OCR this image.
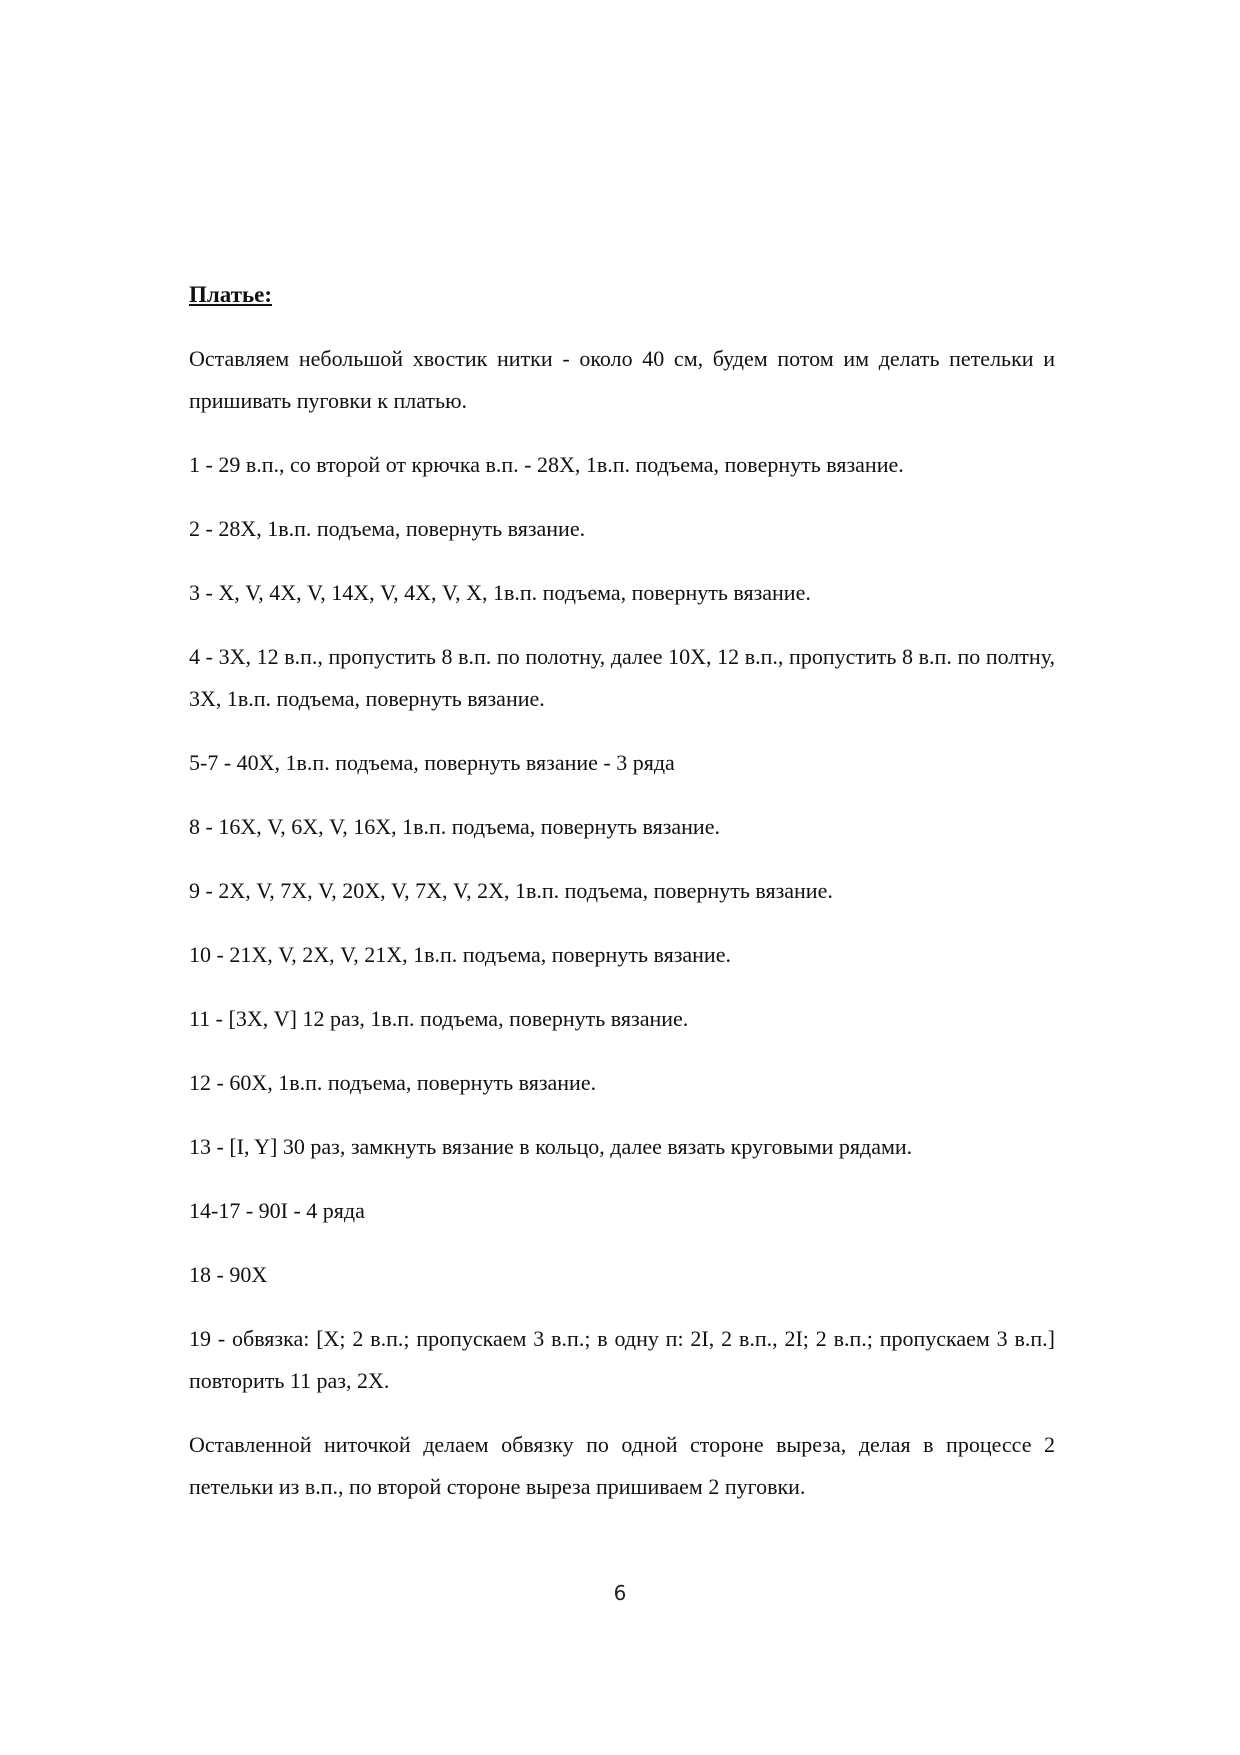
Платье:
Оставляем небольшой хвостик нитки - около 40 см, будем потом им делать петельки и пришивать пуговки к платью.
1 - 29 в.п., со второй от крючка в.п. - 28Х, 1в.п. подъема, повернуть вязание.
2 - 28Х, 1в.п. подъема, повернуть вязание.
3 - Х, V, 4Х, V, 14Х, V, 4Х, V, Х, 1в.п. подъема, повернуть вязание.
4 - 3Х, 12 в.п., пропустить 8 в.п. по полотну, далее 10Х, 12 в.п., пропустить 8 в.п. по полтну, 3Х, 1в.п. подъема, повернуть вязание.
5-7 - 40Х, 1в.п. подъема, повернуть вязание - 3 ряда
8 - 16Х, V, 6Х, V, 16Х, 1в.п. подъема, повернуть вязание.
9 - 2Х, V, 7Х, V, 20Х, V, 7Х, V, 2Х, 1в.п. подъема, повернуть вязание.
10 - 21Х, V, 2Х, V, 21Х, 1в.п. подъема, повернуть вязание.
11 - [3Х, V] 12 раз, 1в.п. подъема, повернуть вязание.
12 - 60Х, 1в.п. подъема, повернуть вязание.
13 - [I, Y] 30 раз, замкнуть вязание в кольцо, далее вязать круговыми рядами.
14-17 - 90I - 4 ряда
18 - 90Х
19 - обвязка: [Х; 2 в.п.; пропускаем 3 в.п.; в одну п: 2I, 2 в.п., 2I; 2 в.п.; пропускаем 3 в.п.] повторить 11 раз, 2Х.
Оставленной ниточкой делаем обвязку по одной стороне выреза, делая в процессе 2 петельки из в.п., по второй стороне выреза пришиваем 2 пуговки.
6
